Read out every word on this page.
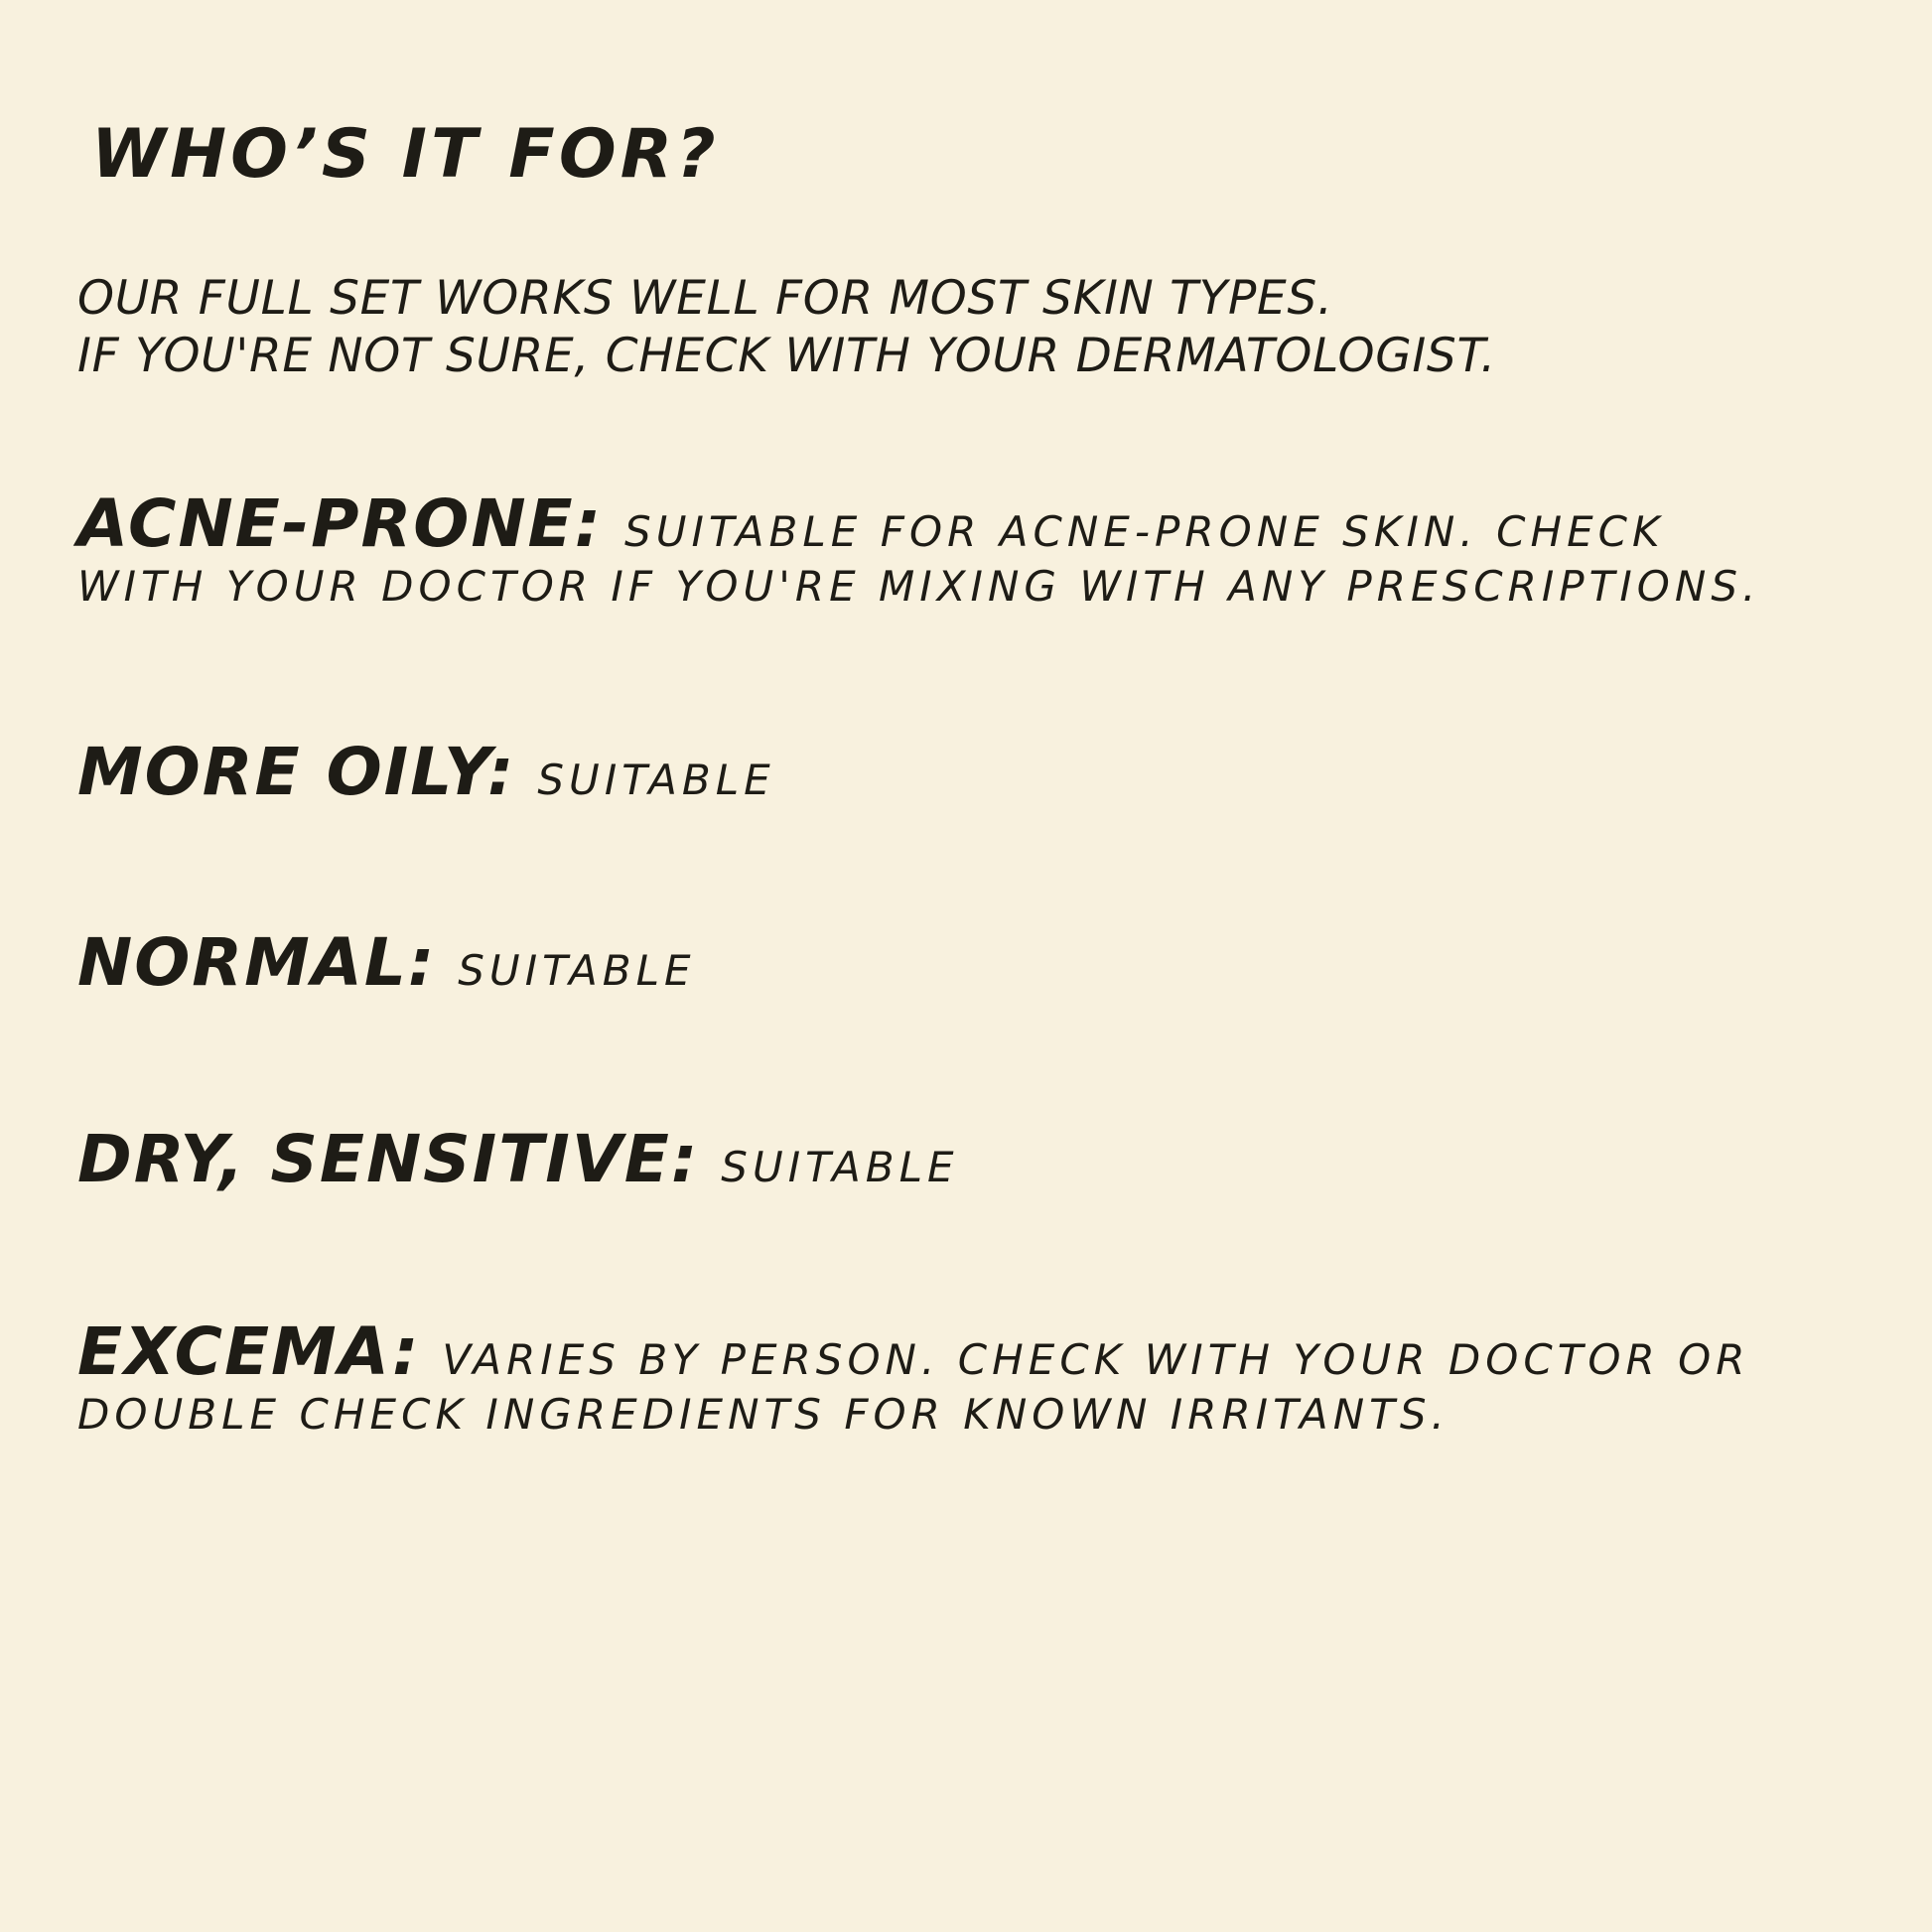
WHO’S IT FOR?

OUR FULL SET WORKS WELL FOR MOST SKIN TYPES.
IF YOU'RE NOT SURE, CHECK WITH YOUR DERMATOLOGIST.

ACNE-PRONE: SUITABLE FOR ACNE-PRONE SKIN. CHECK
WITH YOUR DOCTOR IF YOU'RE MIXING WITH ANY PRESCRIPTIONS.

MORE OILY: SUITABLE

NORMAL: SUITABLE

DRY, SENSITIVE: SUITABLE

EXCEMA: VARIES BY PERSON. CHECK WITH YOUR DOCTOR OR
DOUBLE CHECK INGREDIENTS FOR KNOWN IRRITANTS.
